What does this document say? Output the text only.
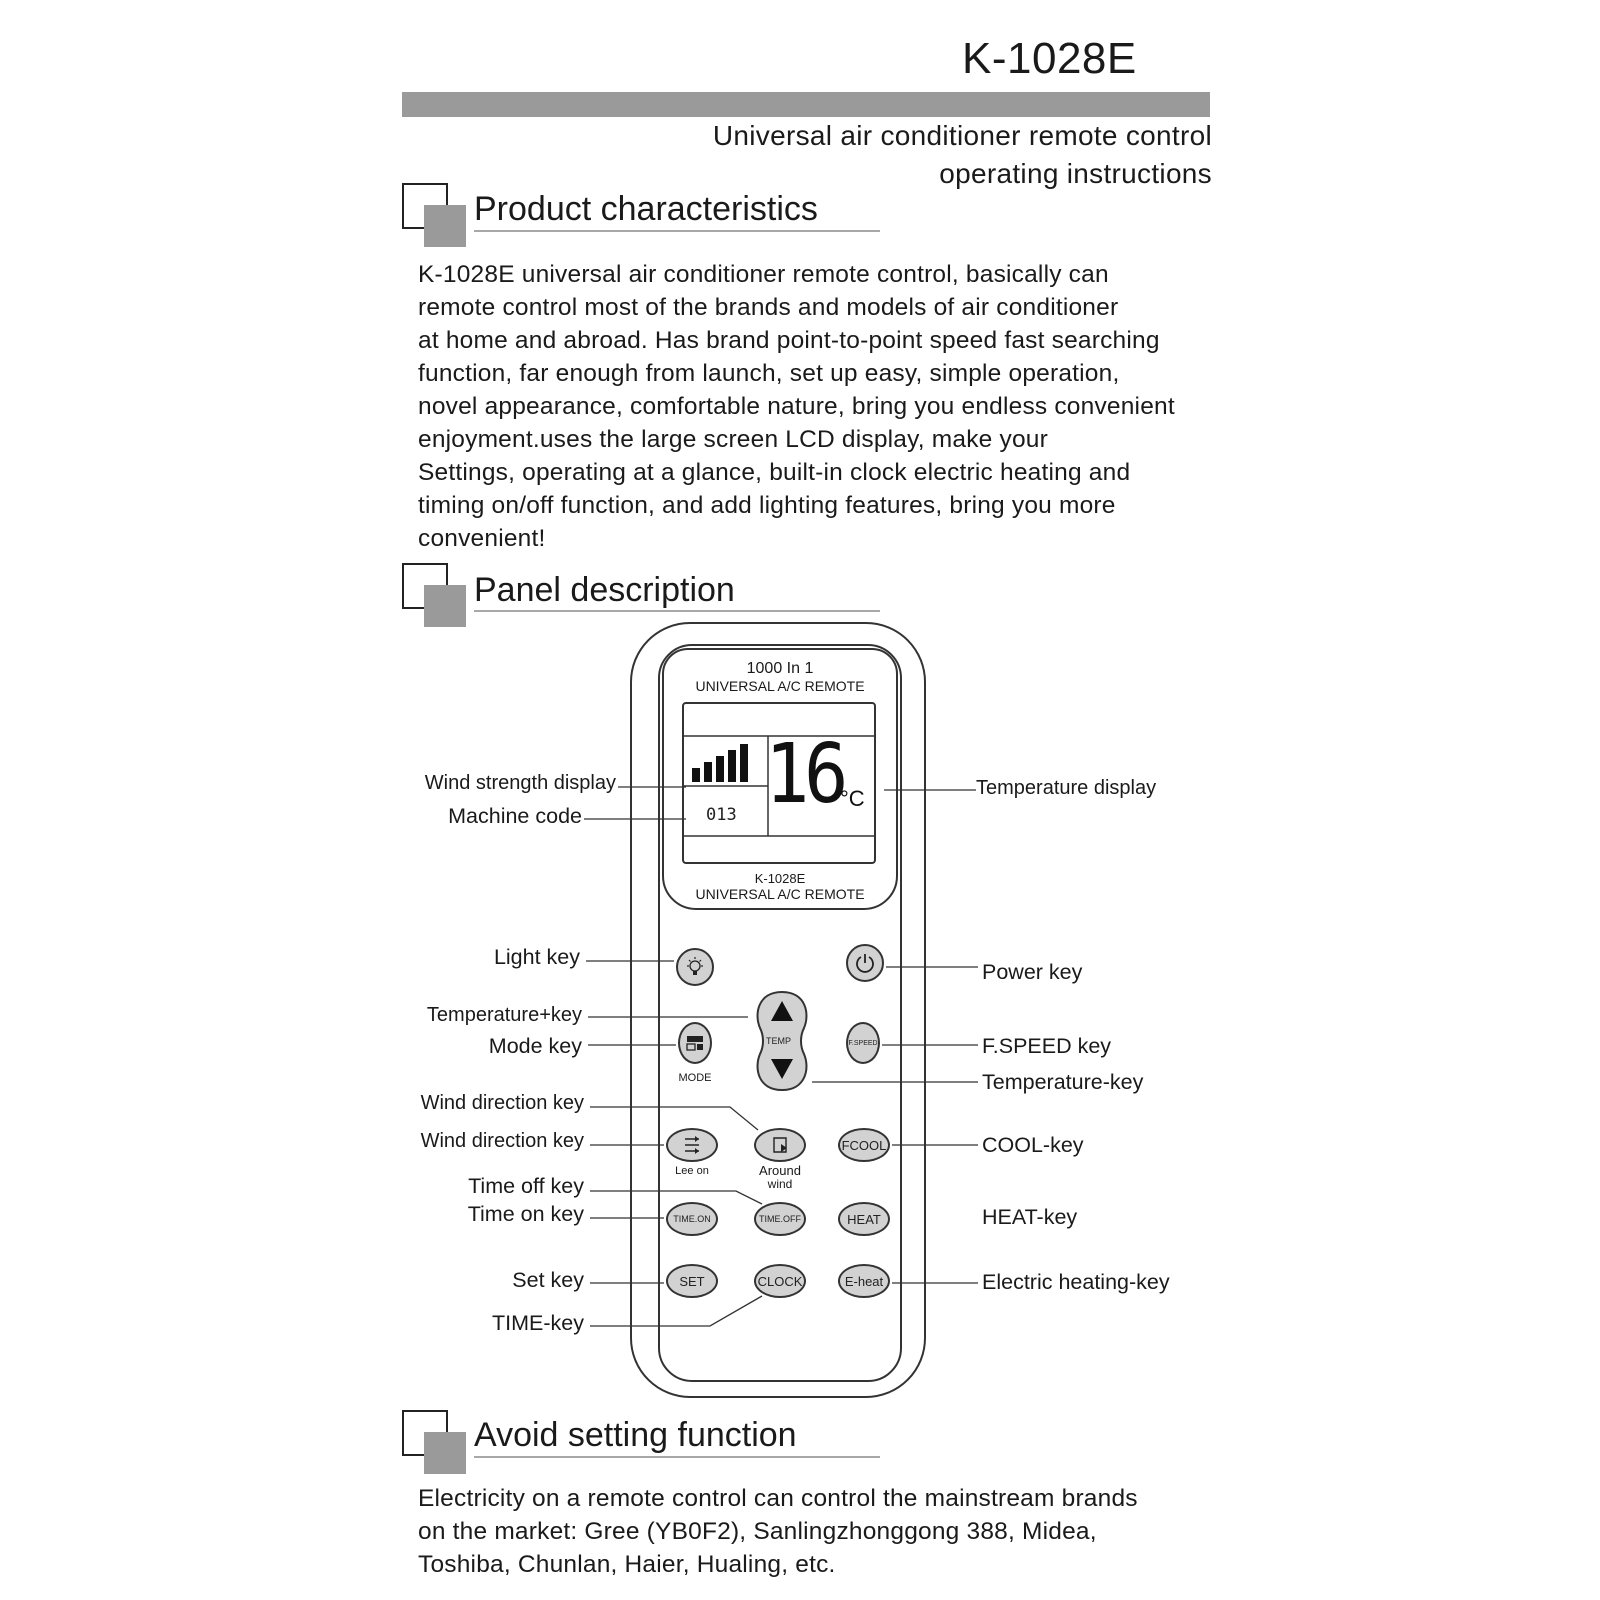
K-1028E
Universal air conditioner remote control
operating instructions
Product characteristics
K-1028E universal air conditioner remote control, basically can
remote control most of the brands and models of air conditioner
at home and abroad. Has brand point-to-point speed fast searching
function, far enough from launch, set up easy, simple operation,
novel appearance, comfortable nature, bring you endless convenient
enjoyment.uses the large screen LCD display, make your
Settings, operating at a glance, built-in clock electric heating and
timing on/off function, and add lighting features, bring you more
convenient!
Panel description
1000 In 1
UNIVERSAL A/C REMOTE
16
°C
013
K-1028E
UNIVERSAL A/C REMOTE
TEMP
MODE
F.SPEED
Lee on	Around
wind
FCOOL
TIME.ON	TIME.OFF	HEAT
SET	CLOCK	E-heat
Wind strength display
Machine code
Temperature display
Light key
Power key
Temperature+key
Mode key	F.SPEED key
Temperature-key
Wind direction key
Wind direction key	COOL-key
Time off key
Time on key	HEAT-key
Set key	Electric heating-key
TIME-key
Avoid setting function
Electricity on a remote control can control the mainstream brands
on the market: Gree (YB0F2), Sanlingzhonggong 388, Midea,
Toshiba, Chunlan, Haier, Hualing, etc.
